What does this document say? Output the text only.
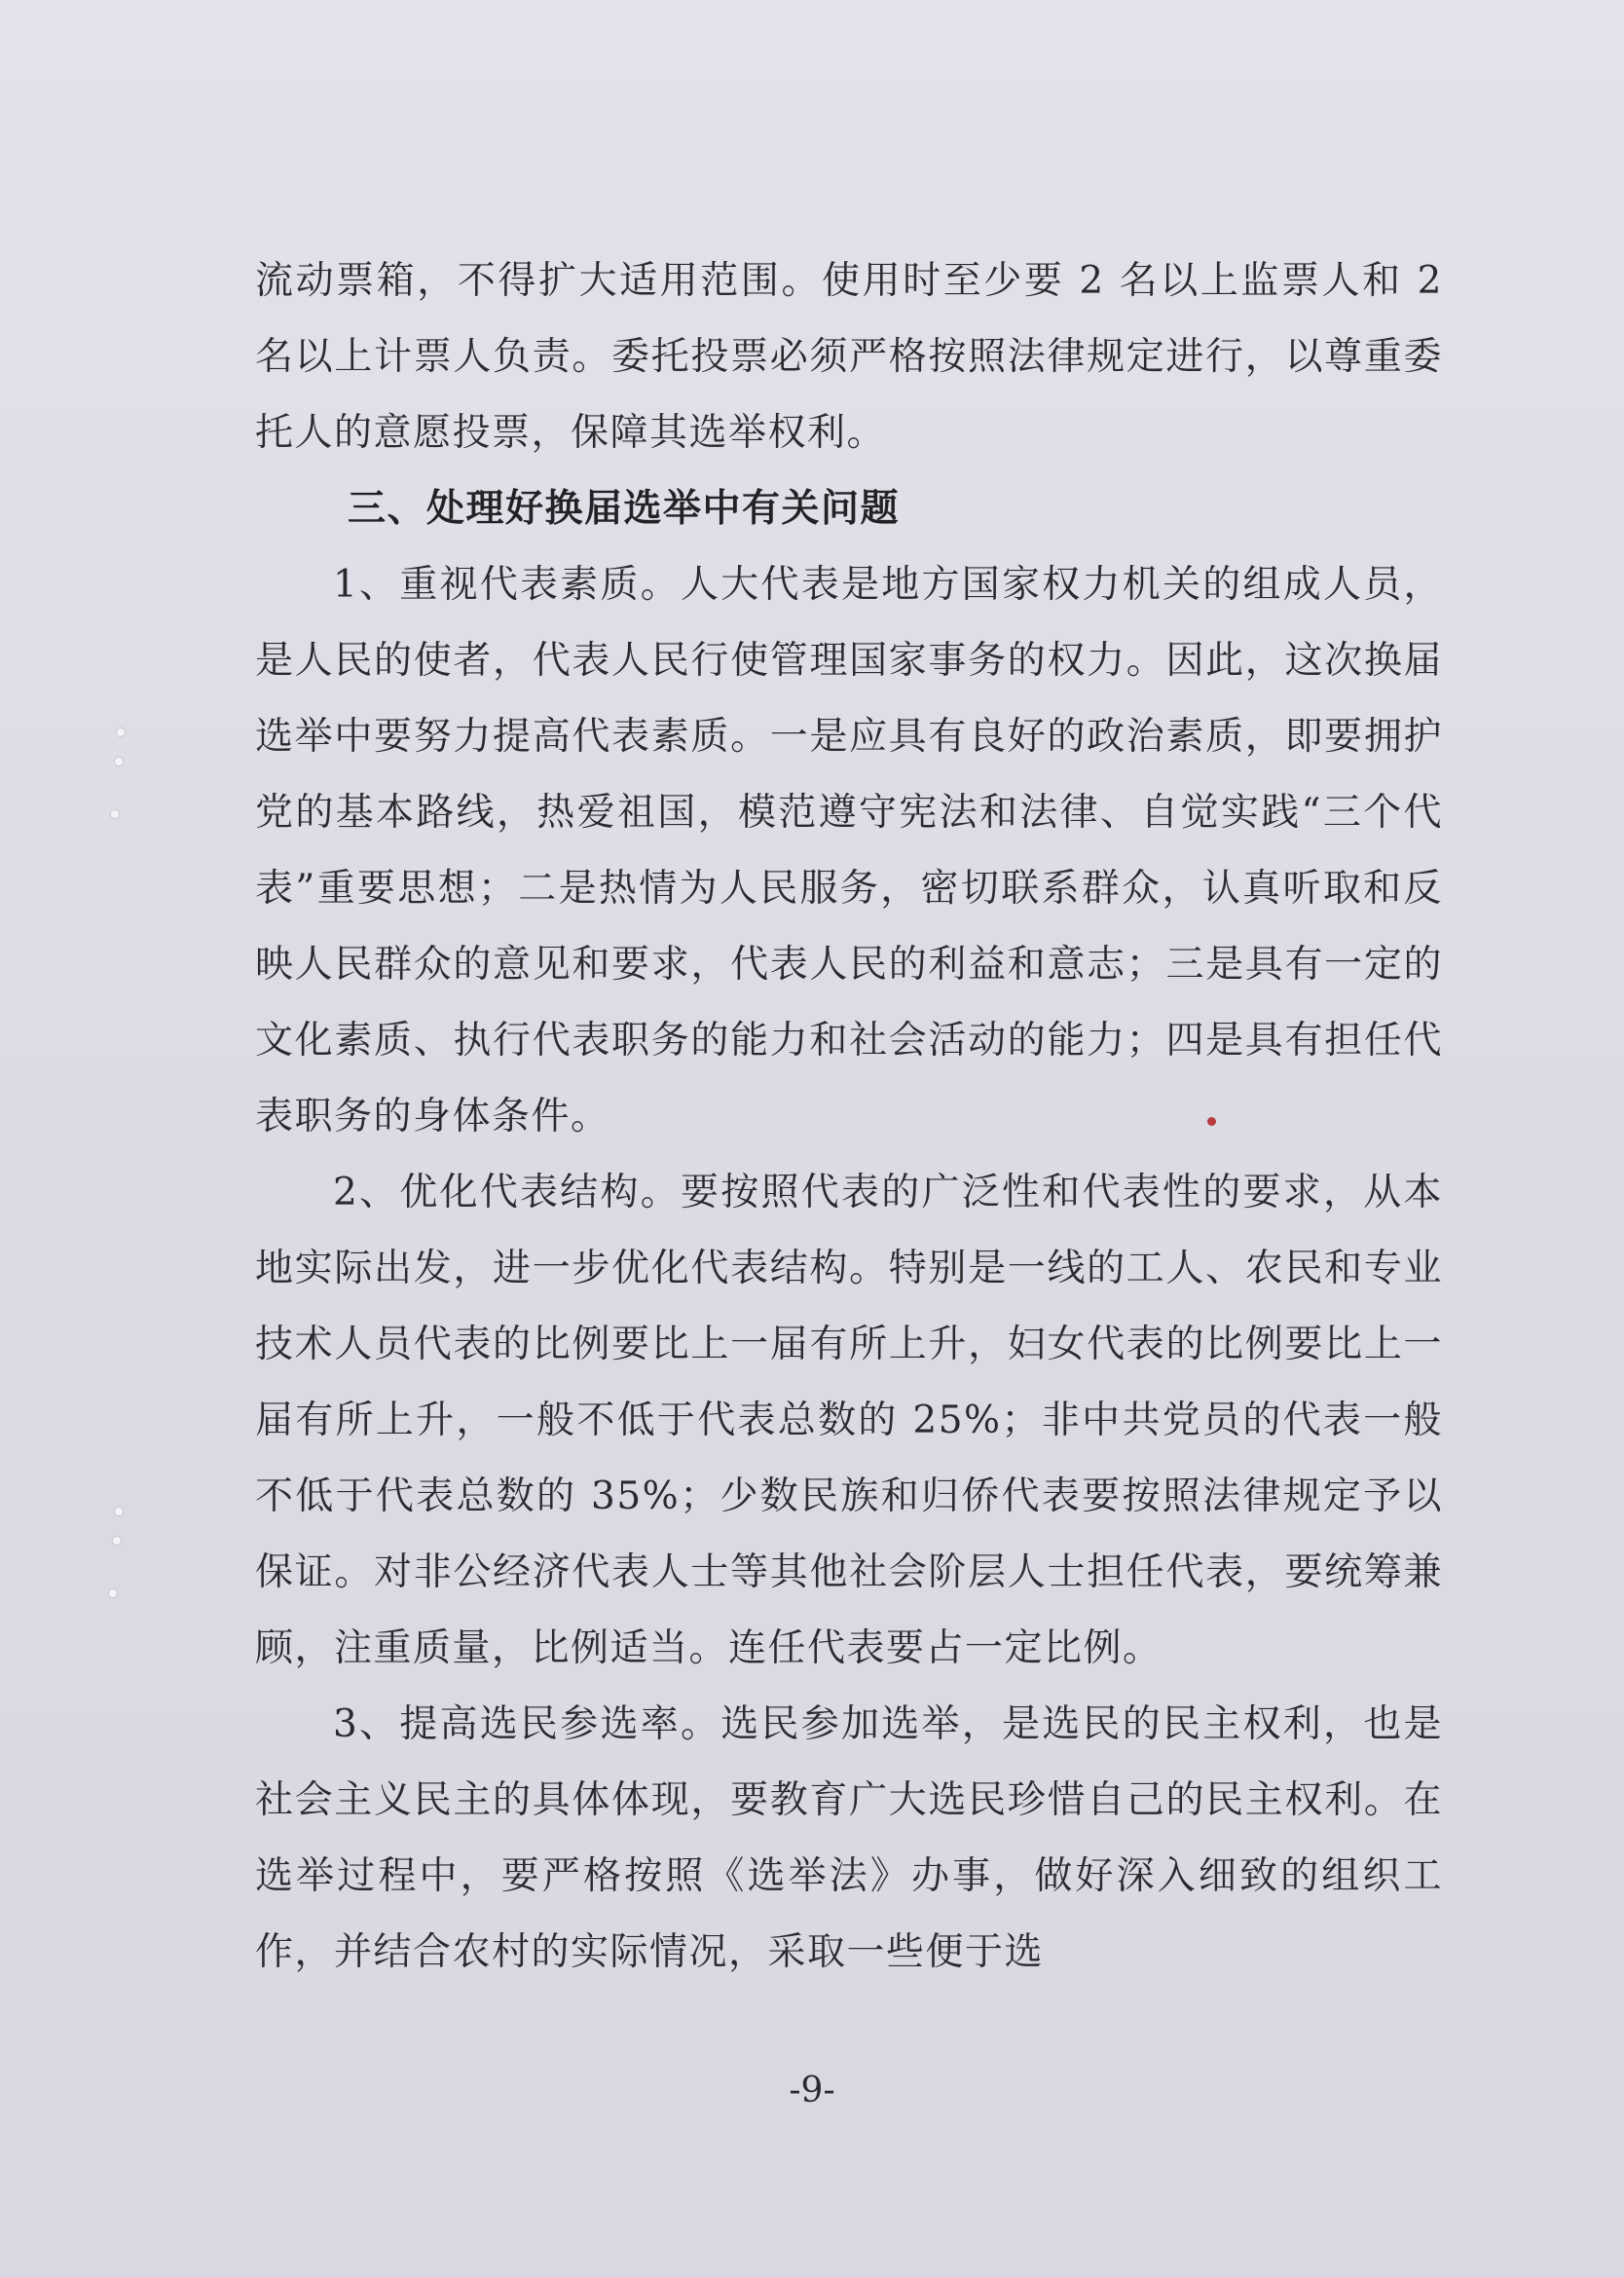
流动票箱，不得扩大适用范围。使用时至少要 2 名以上监票人和 2 名以上计票人负责。委托投票必须严格按照法律规定进行，以尊重委托人的意愿投票，保障其选举权利。

三、处理好换届选举中有关问题

1、重视代表素质。人大代表是地方国家权力机关的组成人员，是人民的使者，代表人民行使管理国家事务的权力。因此，这次换届选举中要努力提高代表素质。一是应具有良好的政治素质，即要拥护党的基本路线，热爱祖国，模范遵守宪法和法律、自觉实践“三个代表”重要思想；二是热情为人民服务，密切联系群众，认真听取和反映人民群众的意见和要求，代表人民的利益和意志；三是具有一定的文化素质、执行代表职务的能力和社会活动的能力；四是具有担任代表职务的身体条件。

2、优化代表结构。要按照代表的广泛性和代表性的要求，从本地实际出发，进一步优化代表结构。特别是一线的工人、农民和专业技术人员代表的比例要比上一届有所上升，妇女代表的比例要比上一届有所上升，一般不低于代表总数的 25%；非中共党员的代表一般不低于代表总数的 35%；少数民族和归侨代表要按照法律规定予以保证。对非公经济代表人士等其他社会阶层人士担任代表，要统筹兼顾，注重质量，比例适当。连任代表要占一定比例。

3、提高选民参选率。选民参加选举，是选民的民主权利，也是社会主义民主的具体体现，要教育广大选民珍惜自己的民主权利。在选举过程中，要严格按照《选举法》办事，做好深入细致的组织工作，并结合农村的实际情况，采取一些便于选

-9-
